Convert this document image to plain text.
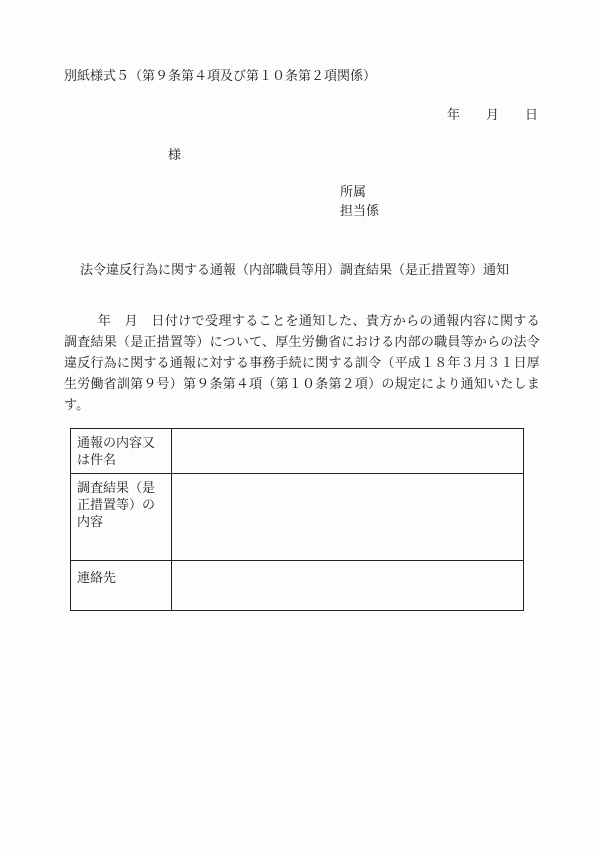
別紙様式５（第９条第４項及び第１０条第２項関係）
年 月 日
様
所属
担当係
法令違反行為に関する通報（内部職員等用）調査結果（是正措置等）通知
年　月　日付けで受理することを通知した、貴方からの通報内容に関する調査結果（是正措置等）について、厚生労働省における内部の職員等からの法令違反行為に関する通報に対する事務手続に関する訓令（平成１８年３月３１日厚生労働省訓第９号）第９条第４項（第１０条第２項）の規定により通知いたします。
通報の内容又は件名	
調査結果（是正措置等）の内容	
連絡先	
